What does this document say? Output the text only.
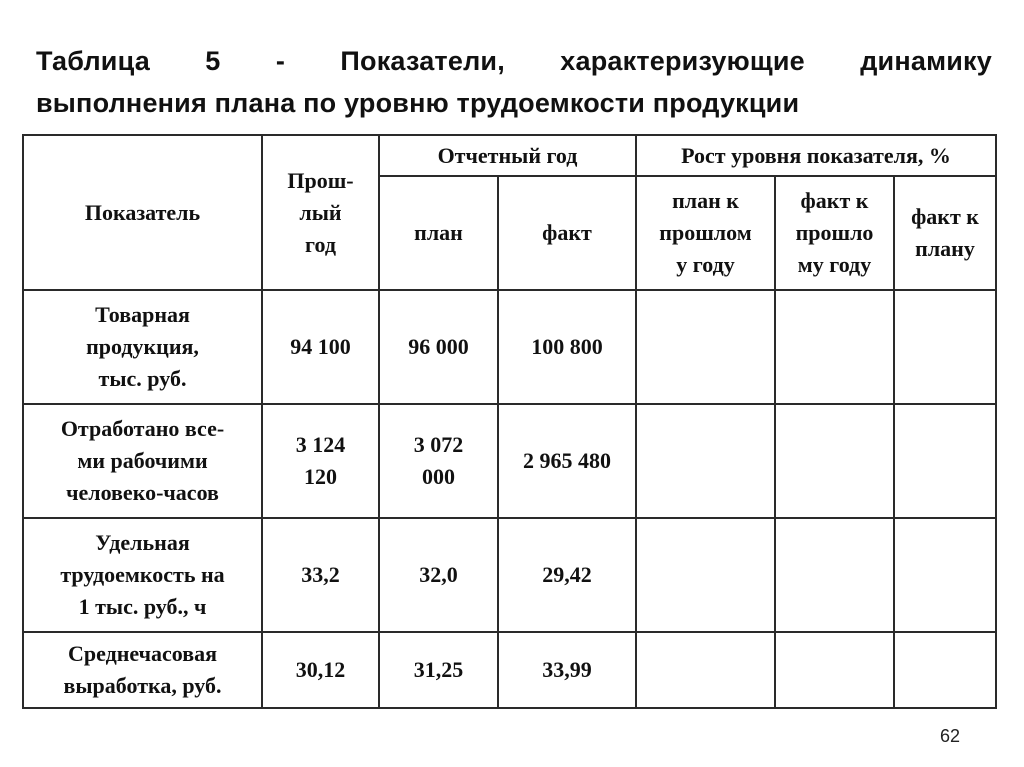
Таблица 5 - Показатели, характеризующие динамику
выполнения плана по уровню трудоемкости продукции
Показатель	Прош-
лый
год	Отчетный год		Рост уровня показателя, %		
		план	факт	план к
прошлом
у году	факт к
прошло
му году	факт к
плану
Товарная
продукция,
тыс. руб.	94 100	96 000	100 800			
Отработано все-
ми рабочими
человеко-часов	3 124
120	3 072
000	2 965 480			
Удельная
трудоемкость на
1 тыс. руб., ч	33,2	32,0	29,42			
Среднечасовая
выработка, руб.	30,12	31,25	33,99			
62
